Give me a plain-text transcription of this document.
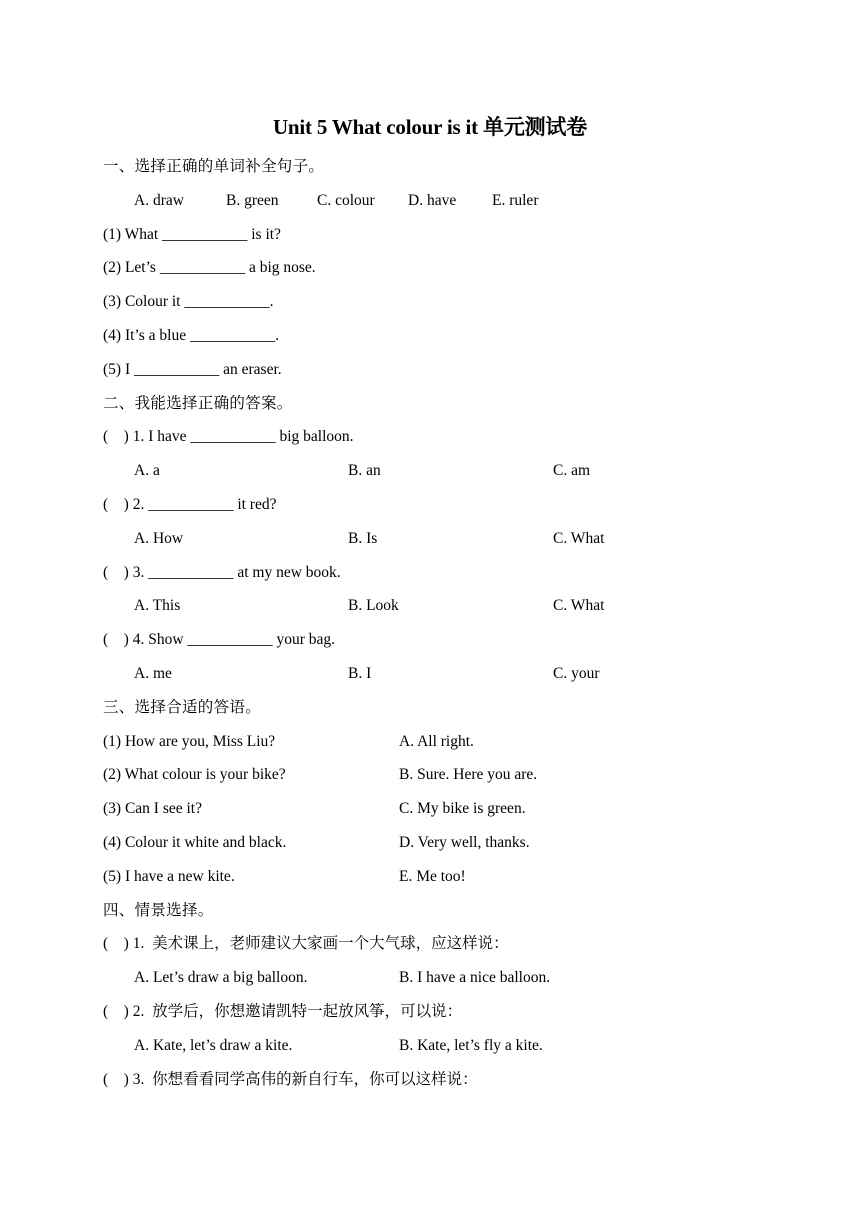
Unit 5 What colour is it 单元测试卷
一、选择正确的单词补全句子。
A. draw	B. green C. colour D. have E. ruler
(1) What ___________ is it?
(2) Let’s ___________ a big nose.
(3) Colour it ___________.
(4) It’s a blue ___________.
(5) I ___________ an eraser.
二、我能选择正确的答案。
(    ) 1. I have ___________ big balloon.
A. a	B. an	C. am
(    ) 2. ___________ it red?
A. How	B. Is	C. What
(    ) 3. ___________ at my new book.
A. This	B. Look	C. What
(    ) 4. Show ___________ your bag.
A. me	B. I	C. your
三、选择合适的答语。
(1) How are you, Miss Liu?	A. All right.
(2) What colour is your bike?	B. Sure. Here you are.
(3) Can I see it?	C. My bike is green.
(4) Colour it white and black.	D. Very well, thanks.
(5) I have a new kite.	E. Me too!
四、情景选择。
(    ) 1.  美术课上，老师建议大家画一个大气球，应这样说：
A. Let’s draw a big balloon.	B. I have a nice balloon.
(    ) 2.  放学后，你想邀请凯特一起放风筝，可以说：
A. Kate, let’s draw a kite.	B. Kate, let’s fly a kite.
(    ) 3.  你想看看同学高伟的新自行车，你可以这样说：
